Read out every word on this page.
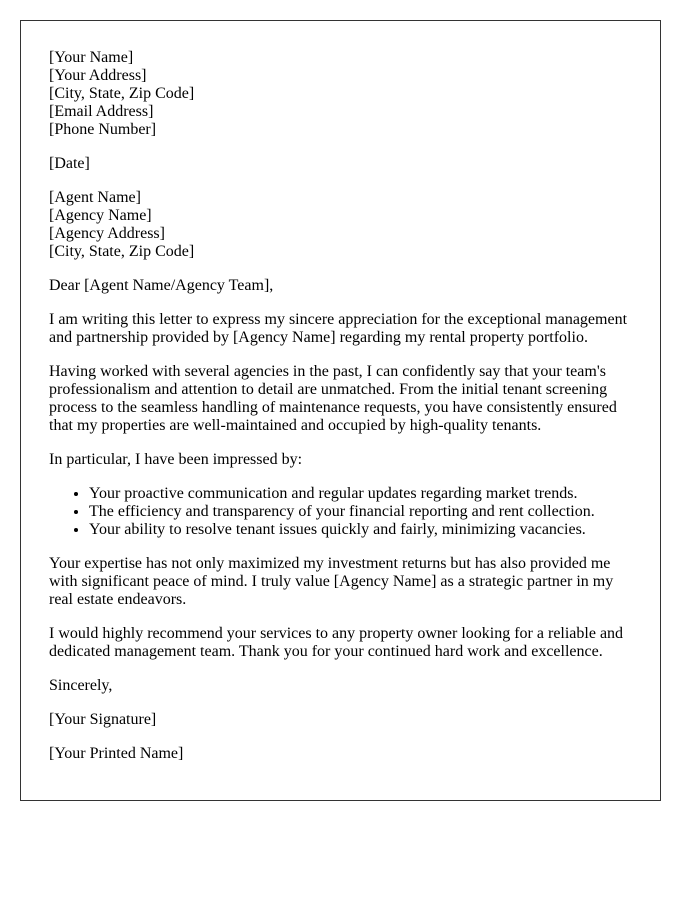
[Your Name]
[Your Address]
[City, State, Zip Code]
[Email Address]
[Phone Number]

[Date]

[Agent Name]
[Agency Name]
[Agency Address]
[City, State, Zip Code]

Dear [Agent Name/Agency Team],

I am writing this letter to express my sincere appreciation for the exceptional management and partnership provided by [Agency Name] regarding my rental property portfolio.

Having worked with several agencies in the past, I can confidently say that your team's professionalism and attention to detail are unmatched. From the initial tenant screening process to the seamless handling of maintenance requests, you have consistently ensured that my properties are well-maintained and occupied by high-quality tenants.

In particular, I have been impressed by:

• Your proactive communication and regular updates regarding market trends.
• The efficiency and transparency of your financial reporting and rent collection.
• Your ability to resolve tenant issues quickly and fairly, minimizing vacancies.

Your expertise has not only maximized my investment returns but has also provided me with significant peace of mind. I truly value [Agency Name] as a strategic partner in my real estate endeavors.

I would highly recommend your services to any property owner looking for a reliable and dedicated management team. Thank you for your continued hard work and excellence.

Sincerely,

[Your Signature]

[Your Printed Name]
